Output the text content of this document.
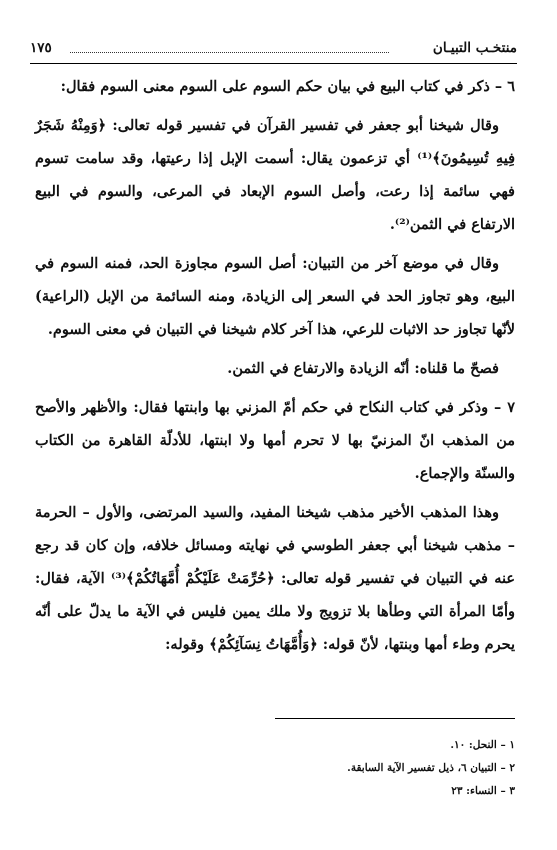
منتخـب التبيـان
١٧٥

٦ – ذكر في كتاب البيع في بيان حكم السوم على السوم معنى السوم فقال:

وقال شيخنا أبو جعفر في تفسير القرآن في تفسير قوله تعالى: ﴿وَمِنْهُ شَجَرٌ فِيهِ تُسِيمُونَ﴾⁽¹⁾ أي تزعمون يقال: أسمت الإبل إذا رعيتها، وقد سامت تسوم فهي سائمة إذا رعت، وأصل السوم الإبعاد في المرعى، والسوم في البيع الارتفاع في الثمن⁽²⁾.

وقال في موضع آخر من التبيان: أصل السوم مجاوزة الحد، فمنه السوم في البيع، وهو تجاوز الحد في السعر إلى الزيادة، ومنه السائمة من الإبل (الراعية) لأنّها تجاوز حد الاثبات للرعي، هذا آخر كلام شيخنا في التبيان في معنى السوم.

فصحّ ما قلناه: أنّه الزيادة والارتفاع في الثمن.

٧ – وذكر في كتاب النكاح في حكم أمّ المزني بها وابنتها فقال: والأظهر والأصح من المذهب انّ المزنيّ بها لا تحرم أمها ولا ابنتها، للأدلّة القاهرة من الكتاب والسنّة والإجماع.

وهذا المذهب الأخير مذهب شيخنا المفيد، والسيد المرتضى، والأول – الحرمة – مذهب شيخنا أبي جعفر الطوسي في نهايته ومسائل خلافه، وإن كان قد رجع عنه في التبيان في تفسير قوله تعالى: ﴿حُرِّمَتْ عَلَيْكُمْ أُمَّهَاتُكُمْ﴾⁽³⁾ الآية، فقال: وأمّا المرأة التي وطأها بلا تزويج ولا ملك يمين فليس في الآية ما يدلّ على أنّه يحرم وطء أمها وبنتها، لأنّ قوله: ﴿وَأُمَّهَاتُ نِسَآئِكُمْ﴾ وقوله:

١ – النحل: ١٠.

٢ – التبيان ٦، ذيل تفسير الآية السابقة.

٣ – النساء: ٢٣
